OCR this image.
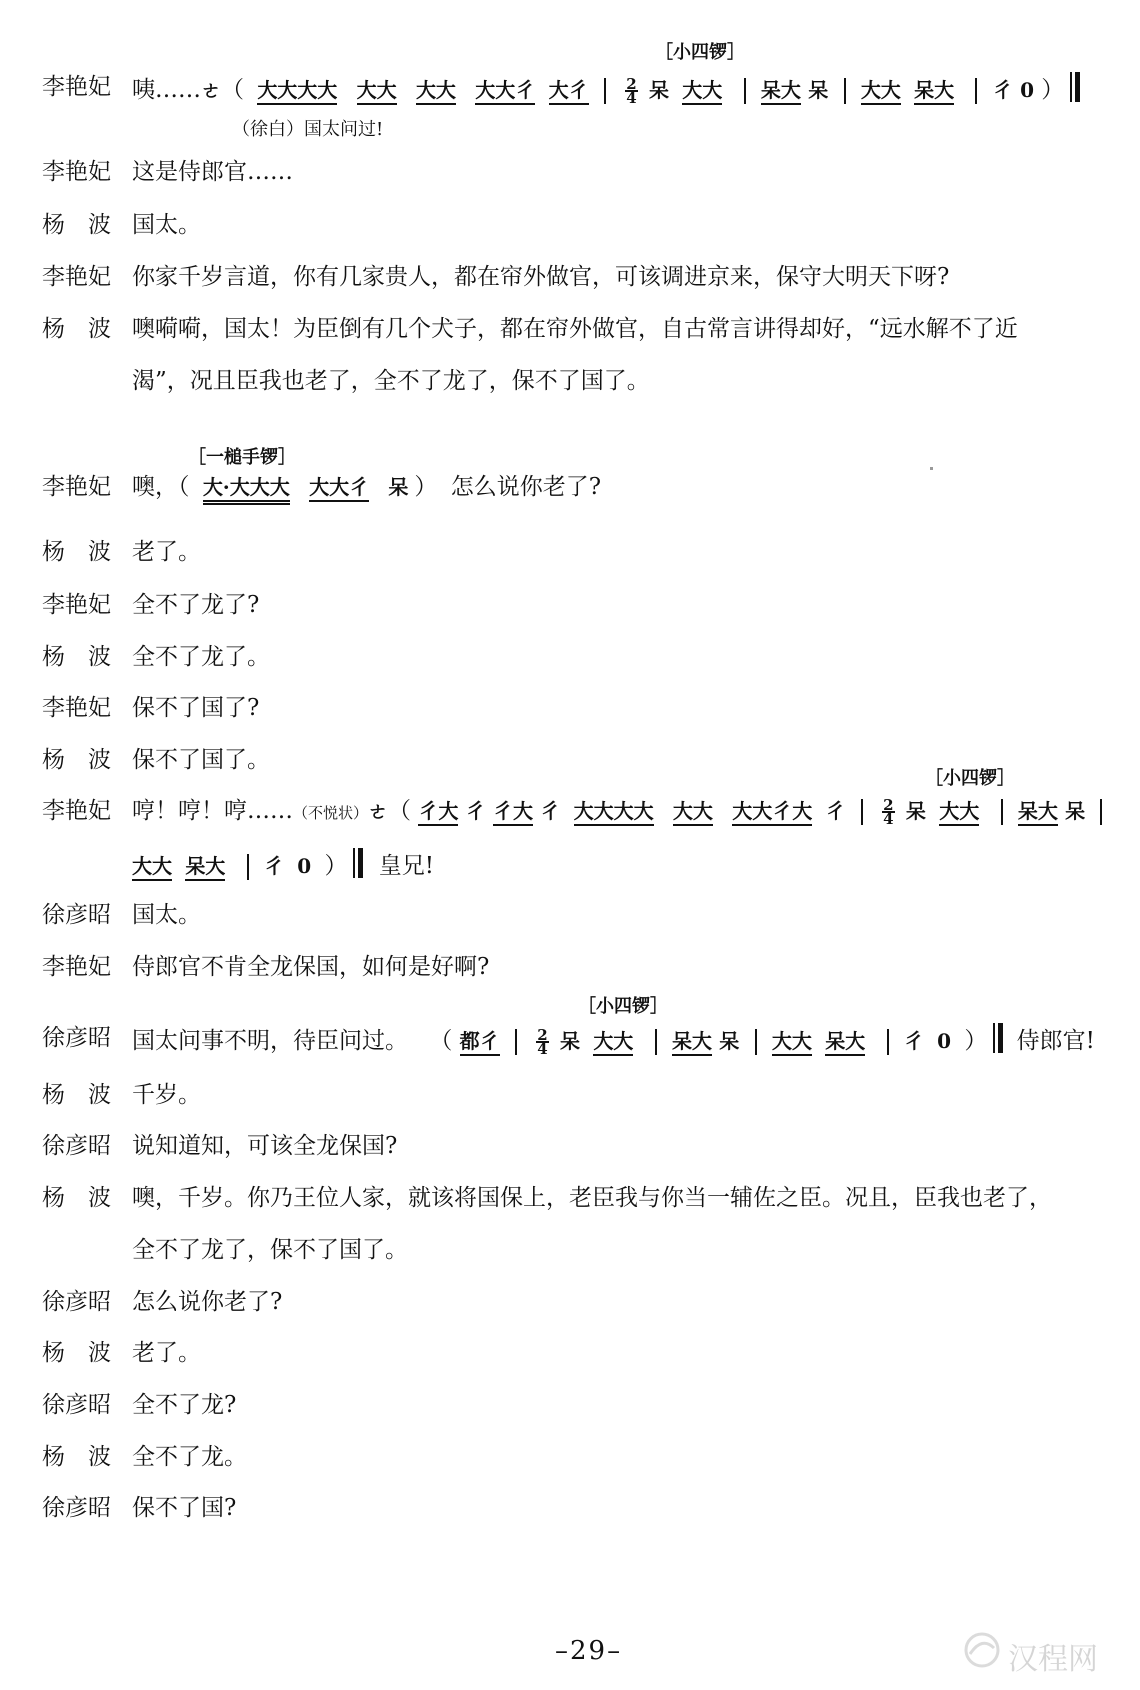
［小四锣］
李艳妃 咦……ㄜ（ 大大大大 大大 大大 大大彳 大彳 $\frac{2}{4}$ 呆 大大 呆大 呆 大大 呆大 彳 0 ）
（徐白）国太问过!
李艳妃 这是侍郎官……
杨　波 国太。
李艳妃 你家千岁言道，你有几家贵人，都在帘外做官，可该调进京来，保守大明天下呀?
杨　波 噢嗬嗬，国太！为臣倒有几个犬子，都在帘外做官，自古常言讲得却好，“远水解不了近
渴”，况且臣我也老了，全不了龙了，保不了国了。
［一槌手锣］
李艳妃 噢，（ 大·大大大 大大彳 呆 ） 怎么说你老了?
杨　波 老了。
李艳妃 全不了龙了?
杨　波 全不了龙了。
李艳妃 保不了国了?
杨　波 保不了国了。
［小四锣］
李艳妃 哼！哼！哼……（不悦状）ㄜ（ 彳大 彳 彳大 彳 大大大大 大大 大大彳大 彳 $\frac{2}{4}$ 呆 大大 呆大 呆
大大 呆大 彳 0 ） 皇兄!
徐彦昭 国太。
李艳妃 侍郎官不肯全龙保国，如何是好啊?
［小四锣］
徐彦昭 国太问事不明，待臣问过。 （ 都彳 $\frac{2}{4}$ 呆 大大 呆大 呆 大大 呆大 彳 0 ） 侍郎官!
杨　波 千岁。
徐彦昭 说知道知，可该全龙保国?
杨　波 噢，千岁。你乃王位人家，就该将国保上，老臣我与你当一辅佐之臣。况且，臣我也老了，
全不了龙了，保不了国了。
徐彦昭 怎么说你老了?
杨　波 老了。
徐彦昭 全不了龙?
杨　波 全不了龙。
徐彦昭 保不了国?
–29–	汉程网
